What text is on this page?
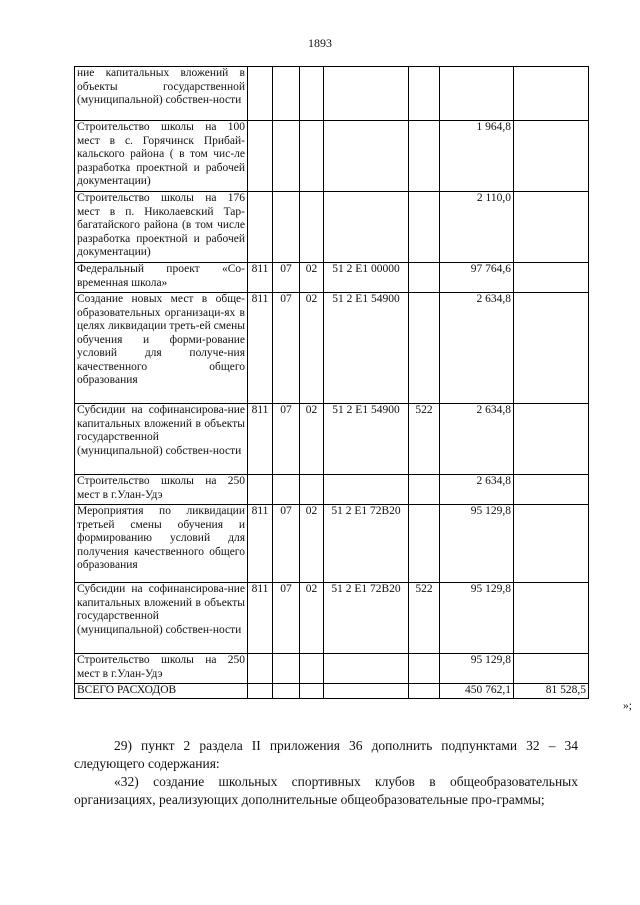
1893
ние капитальных вложений в объекты государственной (муниципальной) собствен-ности							
Строительство школы на 100 мест в с. Горячинск Прибай-кальского района ( в том чис-ле разработка проектной и рабочей документации)						1 964,8	
Строительство школы на 176 мест в п. Николаевский Тар-багатайского района (в том числе разработка проектной и рабочей документации)						2 110,0	
Федеральный проект «Со-временная школа»	811	07	02	51 2 E1 00000		97 764,6	
Создание новых мест в обще-образовательных организаци-ях в целях ликвидации треть-ей смены обучения и форми-рование условий для получе-ния качественного общего образования	811	07	02	51 2 E1 54900		2 634,8	
Субсидии на софинансирова-ние капитальных вложений в объекты государственной (муниципальной) собствен-ности	811	07	02	51 2 E1 54900	522	2 634,8	
Строительство школы на 250 мест в г.Улан-Удэ						2 634,8	
Мероприятия по ликвидации третьей смены обучения и формированию условий для получения качественного общего образования	811	07	02	51 2 E1 72B20		95 129,8	
Субсидии на софинансирова-ние капитальных вложений в объекты государственной (муниципальной) собствен-ности	811	07	02	51 2 E1 72B20	522	95 129,8	
Строительство школы на 250 мест в г.Улан-Удэ						95 129,8	
ВСЕГО РАСХОДОВ						450 762,1	81 528,5
»;

29) пункт 2 раздела II приложения 36 дополнить подпунктами 32 – 34 следующего содержания:

«32) создание школьных спортивных клубов в общеобразовательных организациях, реализующих дополнительные общеобразовательные про-граммы;
